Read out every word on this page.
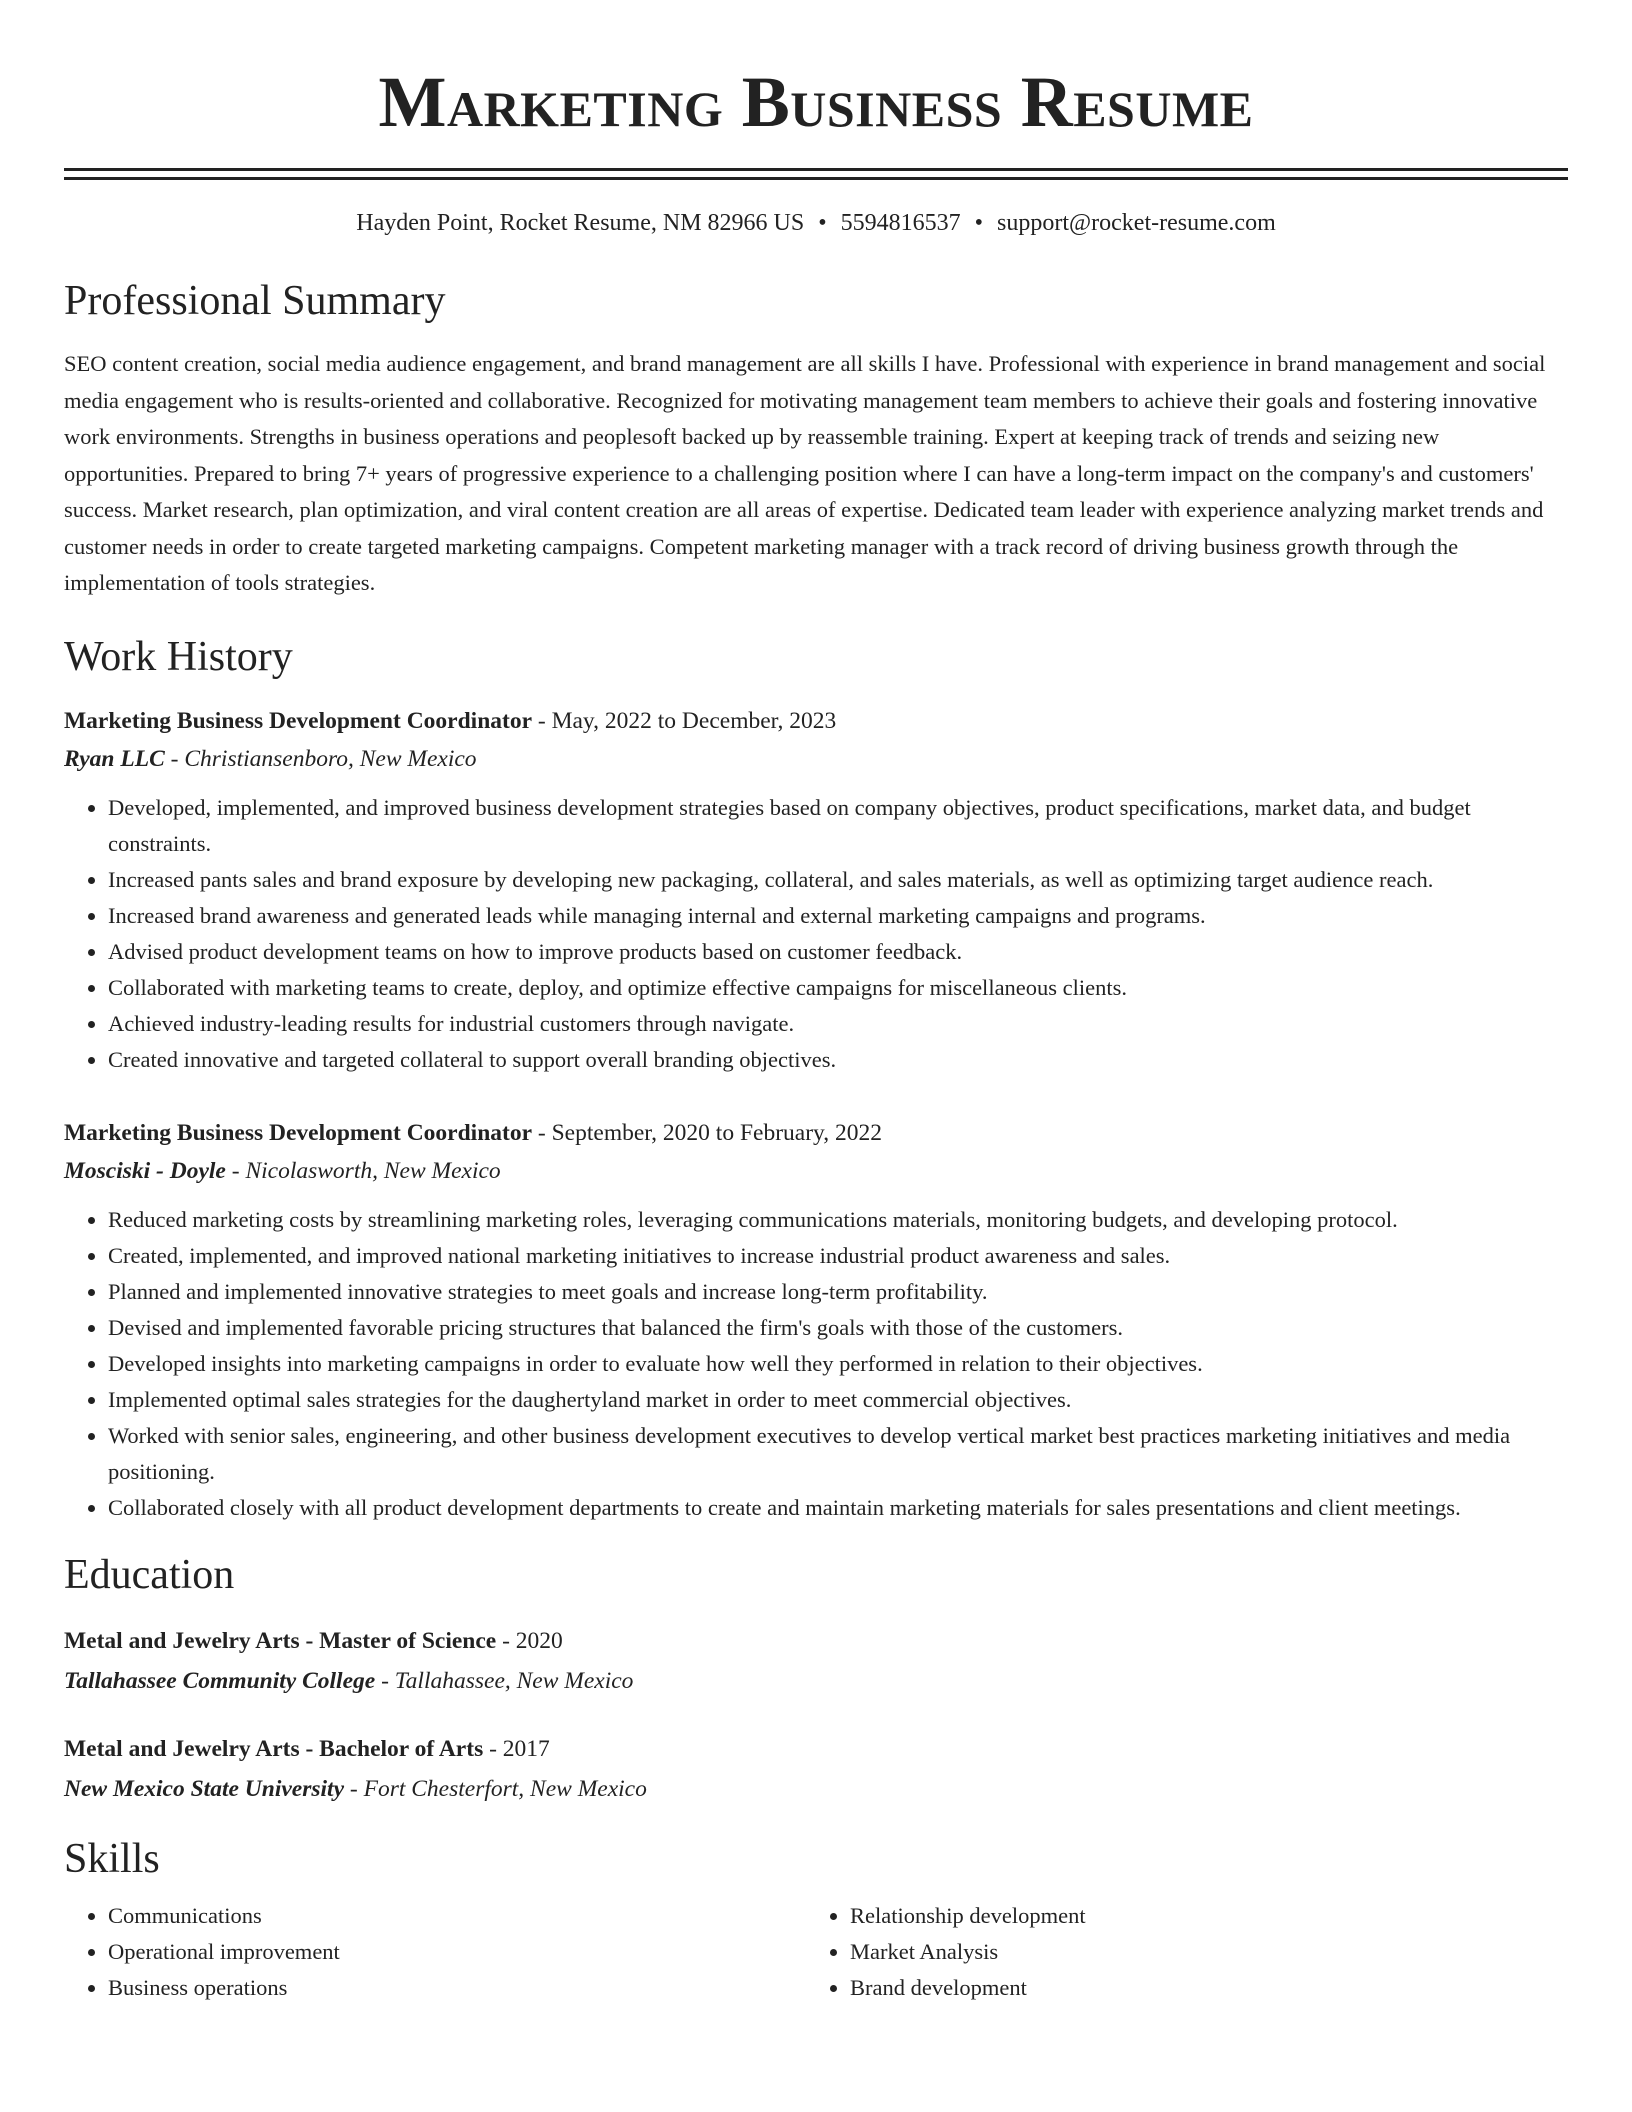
Marketing Business Resume
Hayden Point, Rocket Resume, NM 82966 US • 5594816537 • support@rocket-resume.com
Professional Summary

SEO content creation, social media audience engagement, and brand management are all skills I have. Professional with experience in brand management and social media engagement who is results-oriented and collaborative. Recognized for motivating management team members to achieve their goals and fostering innovative work environments. Strengths in business operations and peoplesoft backed up by reassemble training. Expert at keeping track of trends and seizing new opportunities. Prepared to bring 7+ years of progressive experience to a challenging position where I can have a long-term impact on the company's and customers' success. Market research, plan optimization, and viral content creation are all areas of expertise. Dedicated team leader with experience analyzing market trends and customer needs in order to create targeted marketing campaigns. Competent marketing manager with a track record of driving business growth through the implementation of tools strategies.

Work History
Marketing Business Development Coordinator - May, 2022 to December, 2023
Ryan LLC - Christiansenboro, New Mexico
• Developed, implemented, and improved business development strategies based on company objectives, product specifications, market data, and budget constraints.
• Increased pants sales and brand exposure by developing new packaging, collateral, and sales materials, as well as optimizing target audience reach.
• Increased brand awareness and generated leads while managing internal and external marketing campaigns and programs.
• Advised product development teams on how to improve products based on customer feedback.
• Collaborated with marketing teams to create, deploy, and optimize effective campaigns for miscellaneous clients.
• Achieved industry-leading results for industrial customers through navigate.
• Created innovative and targeted collateral to support overall branding objectives.
Marketing Business Development Coordinator - September, 2020 to February, 2022
Mosciski - Doyle - Nicolasworth, New Mexico
• Reduced marketing costs by streamlining marketing roles, leveraging communications materials, monitoring budgets, and developing protocol.
• Created, implemented, and improved national marketing initiatives to increase industrial product awareness and sales.
• Planned and implemented innovative strategies to meet goals and increase long-term profitability.
• Devised and implemented favorable pricing structures that balanced the firm's goals with those of the customers.
• Developed insights into marketing campaigns in order to evaluate how well they performed in relation to their objectives.
• Implemented optimal sales strategies for the daughertyland market in order to meet commercial objectives.
• Worked with senior sales, engineering, and other business development executives to develop vertical market best practices marketing initiatives and media positioning.
• Collaborated closely with all product development departments to create and maintain marketing materials for sales presentations and client meetings.
Education
Metal and Jewelry Arts - Master of Science - 2020
Tallahassee Community College - Tallahassee, New Mexico
Metal and Jewelry Arts - Bachelor of Arts - 2017
New Mexico State University - Fort Chesterfort, New Mexico
Skills
• Communications
• Operational improvement
• Business operations
• Relationship development
• Market Analysis
• Brand development
